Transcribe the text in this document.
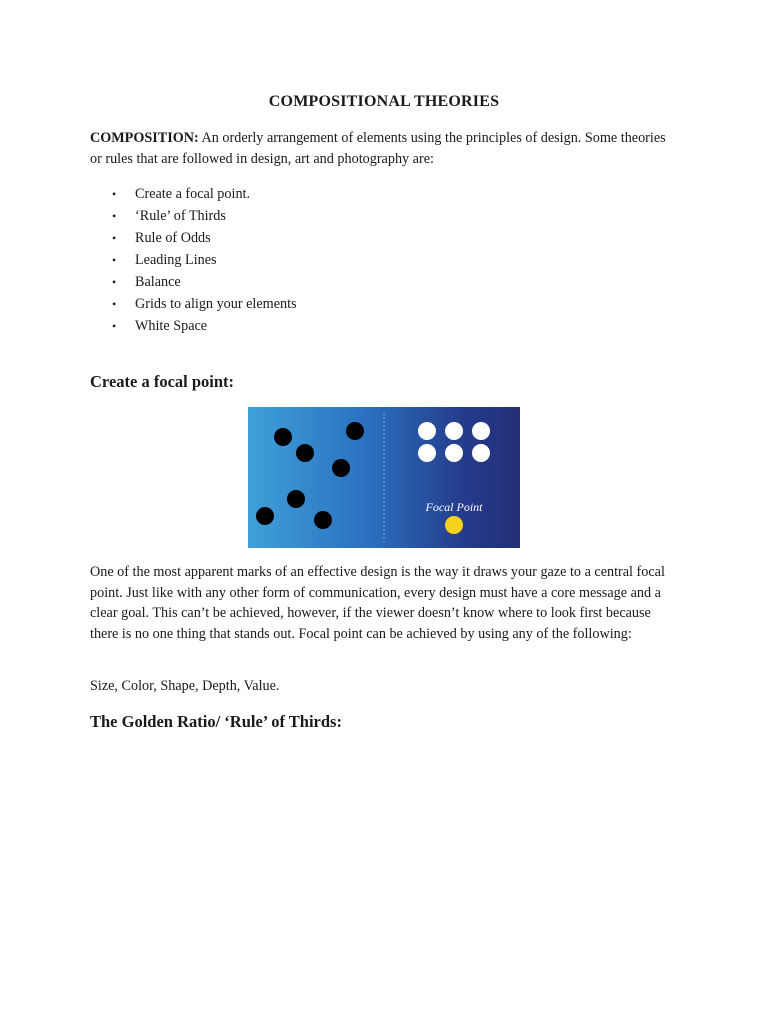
COMPOSITIONAL THEORIES
COMPOSITION: An orderly arrangement of elements using the principles of design. Some theories or rules that are followed in design, art and photography are:
• Create a focal point.
• ‘Rule’ of Thirds
• Rule of Odds
• Leading Lines
• Balance
• Grids to align your elements
• White Space
Create a focal point:
Focal Point
One of the most apparent marks of an effective design is the way it draws your gaze to a central focal point. Just like with any other form of communication, every design must have a core message and a clear goal. This can’t be achieved, however, if the viewer doesn’t know where to look first because there is no one thing that stands out. Focal point can be achieved by using any of the following:
Size, Color, Shape, Depth, Value.
The Golden Ratio/ ‘Rule’ of Thirds:
